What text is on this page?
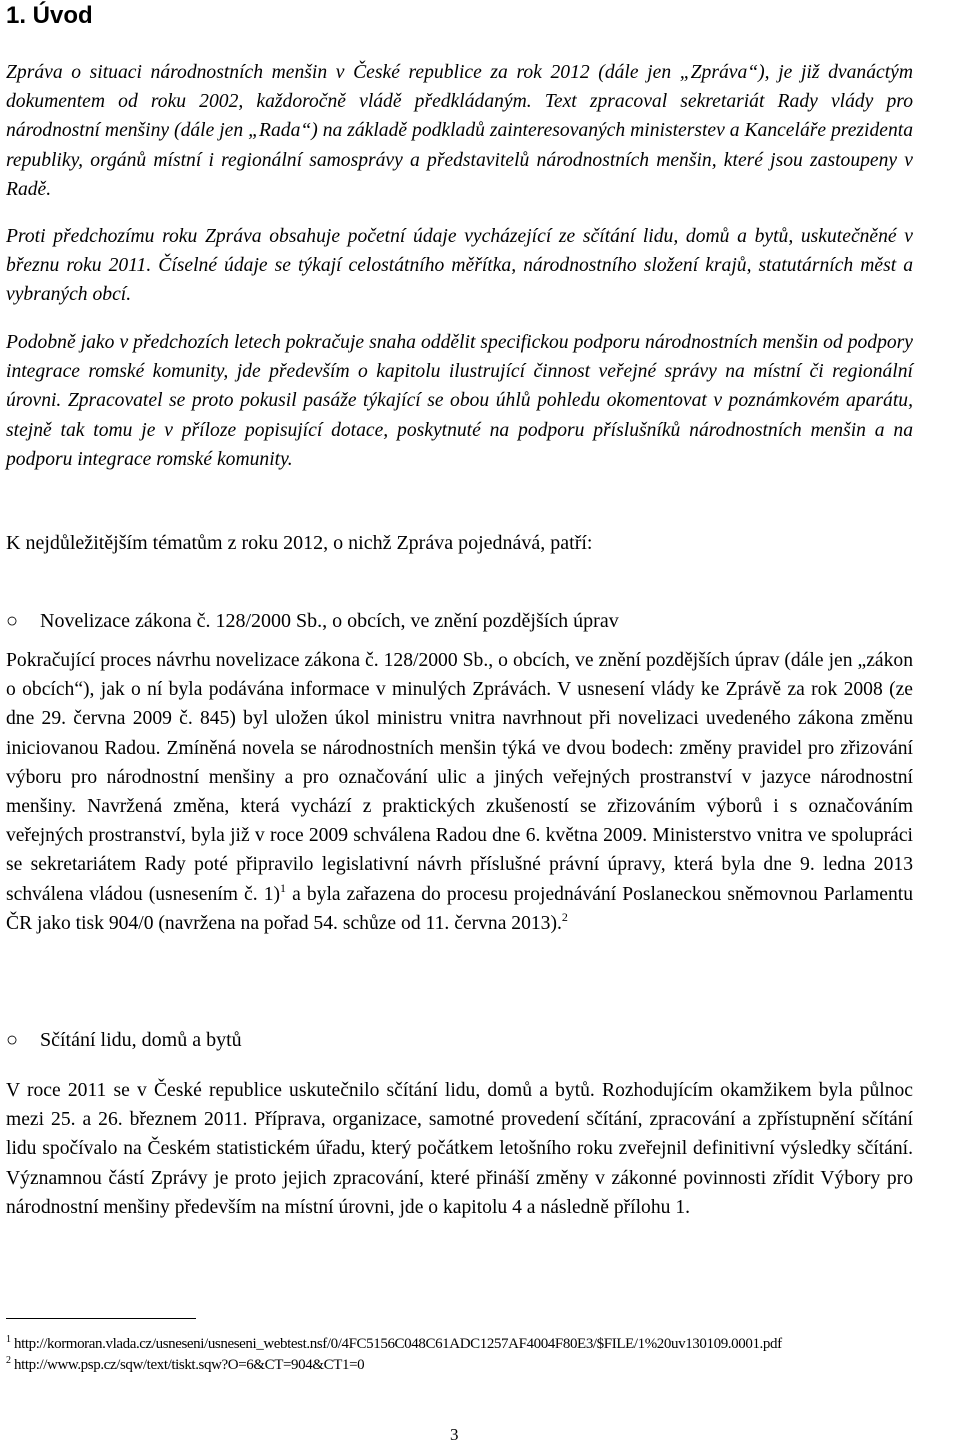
1. Úvod

Zpráva o situaci národnostních menšin v České republice za rok 2012 (dále jen „Zpráva“), je již dvanáctým dokumentem od roku 2002, každoročně vládě předkládaným. Text zpracoval sekretariát Rady vlády pro národnostní menšiny (dále jen „Rada“) na základě podkladů zainteresovaných ministerstev a Kanceláře prezidenta republiky, orgánů místní i regionální samosprávy a představitelů národnostních menšin, které jsou zastoupeny v Radě.

Proti předchozímu roku Zpráva obsahuje početní údaje vycházející ze sčítání lidu, domů a bytů, uskutečněné v březnu roku 2011. Číselné údaje se týkají celostátního měřítka, národnostního složení krajů, statutárních měst a vybraných obcí.

Podobně jako v předchozích letech pokračuje snaha oddělit specifickou podporu národnostních menšin od podpory integrace romské komunity, jde především o kapitolu ilustrující činnost veřejné správy na místní či regionální úrovni. Zpracovatel se proto pokusil pasáže týkající se obou úhlů pohledu okomentovat v poznámkovém aparátu, stejně tak tomu je v příloze popisující dotace, poskytnuté na podporu příslušníků národnostních menšin a na podporu integrace romské komunity.

K nejdůležitějším tématům z roku 2012, o nichž Zpráva pojednává, patří:

○ Novelizace zákona č. 128/2000 Sb., o obcích, ve znění pozdějších úprav

Pokračující proces návrhu novelizace zákona č. 128/2000 Sb., o obcích, ve znění pozdějších úprav (dále jen „zákon o obcích“), jak o ní byla podávána informace v minulých Zprávách. V usnesení vlády ke Zprávě za rok 2008 (ze dne 29. června 2009 č. 845) byl uložen úkol ministru vnitra navrhnout při novelizaci uvedeného zákona změnu iniciovanou Radou. Zmíněná novela se národnostních menšin týká ve dvou bodech: změny pravidel pro zřizování výboru pro národnostní menšiny a pro označování ulic a jiných veřejných prostranství v jazyce národnostní menšiny. Navržená změna, která vychází z praktických zkušeností se zřizováním výborů i s označováním veřejných prostranství, byla již v roce 2009 schválena Radou dne 6. května 2009. Ministerstvo vnitra ve spolupráci se sekretariátem Rady poté připravilo legislativní návrh příslušné právní úpravy, která byla dne 9. ledna 2013 schválena vládou (usnesením č. 1)$^1$ a byla zařazena do procesu projednávání Poslaneckou sněmovnou Parlamentu ČR jako tisk 904/0 (navržena na pořad 54. schůze od 11. června 2013).$^2$

○ Sčítání lidu, domů a bytů

V roce 2011 se v České republice uskutečnilo sčítání lidu, domů a bytů. Rozhodujícím okamžikem byla půlnoc mezi 25. a 26. březnem 2011. Příprava, organizace, samotné provedení sčítání, zpracování a zpřístupnění sčítání lidu spočívalo na Českém statistickém úřadu, který počátkem letošního roku zveřejnil definitivní výsledky sčítání. Významnou částí Zprávy je proto jejich zpracování, které přináší změny v zákonné povinnosti zřídit Výbory pro národnostní menšiny především na místní úrovni, jde o kapitolu 4 a následně přílohu 1.

$^1$ http://kormoran.vlada.cz/usneseni/usneseni_webtest.nsf/0/4FC5156C048C61ADC1257AF4004F80E3/$FILE/1%20uv130109.0001.pdf

$^2$ http://www.psp.cz/sqw/text/tiskt.sqw?O=6&CT=904&CT1=0

3
